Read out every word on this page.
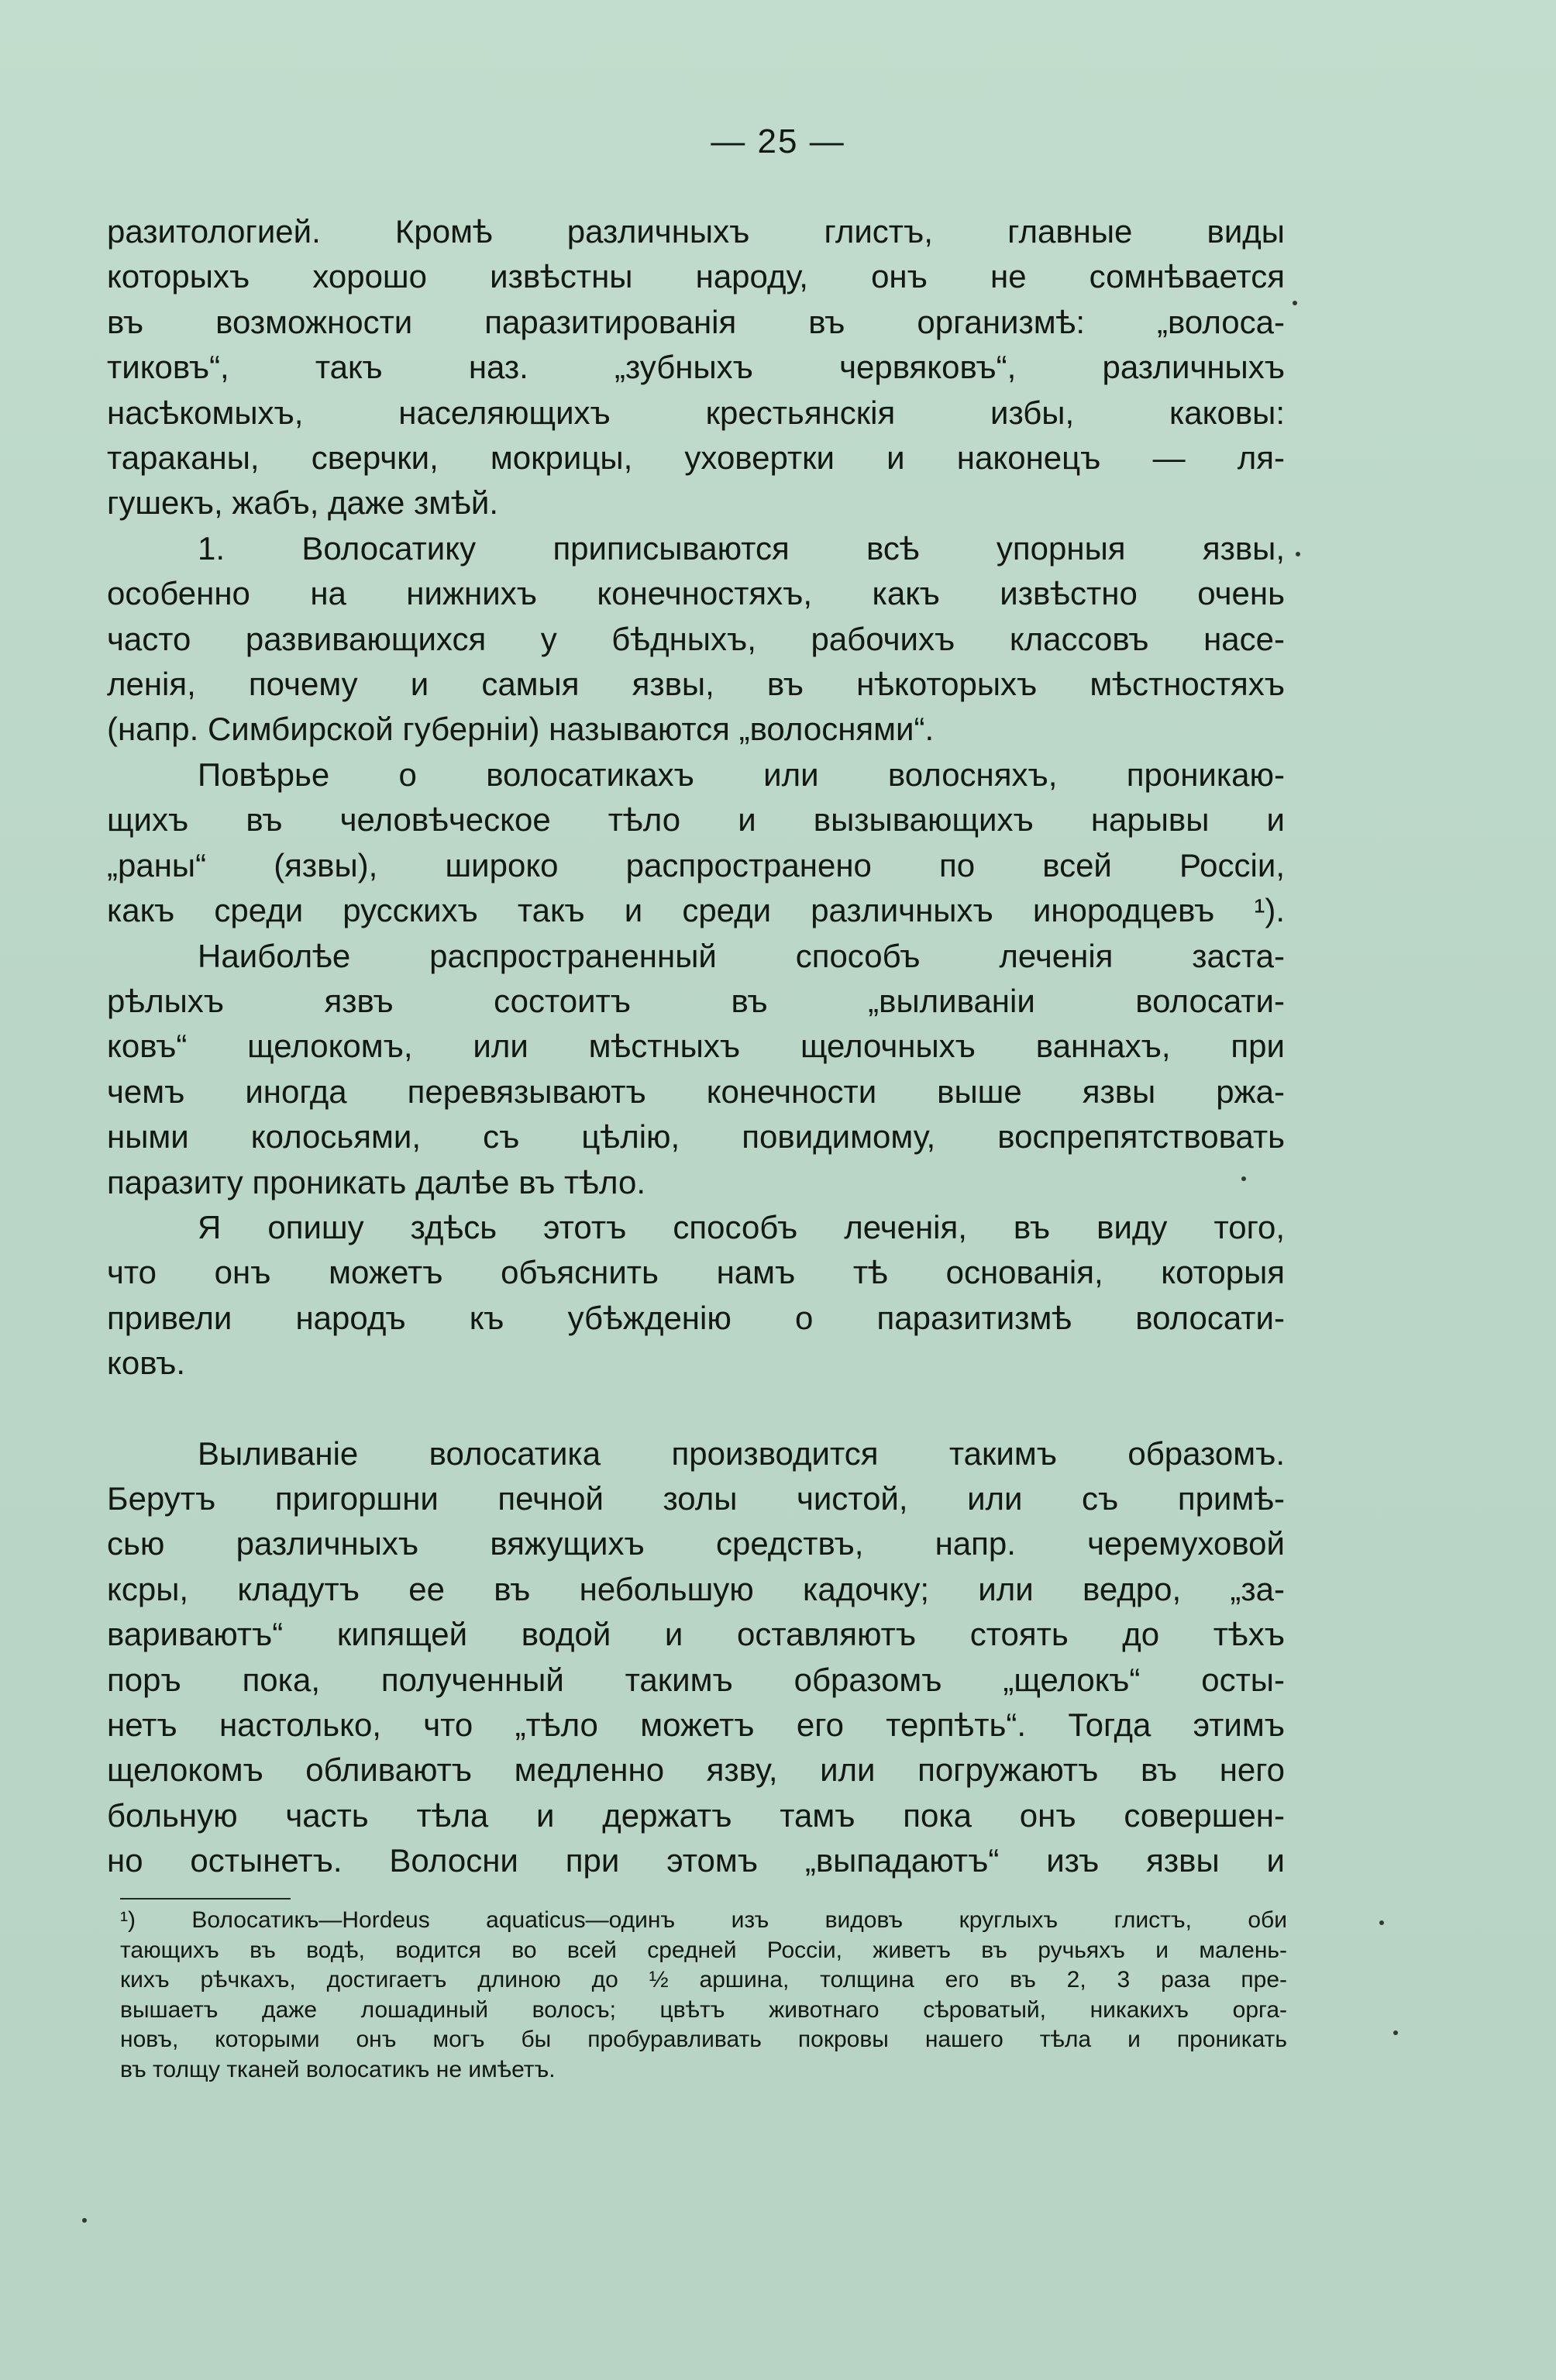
— 25 —
разитологией. Кромѣ различныхъ глистъ, главные виды
которыхъ хорошо извѣстны народу, онъ не сомнѣвается
въ возможности паразитированія въ организмѣ: „волоса-
тиковъ“, такъ наз. „зубныхъ червяковъ“, различныхъ
насѣкомыхъ, населяющихъ крестьянскія избы, каковы:
тараканы, сверчки, мокрицы, уховертки и наконецъ — ля-
гушекъ, жабъ, даже змѣй.
1. Волосатику приписываются всѣ упорныя язвы,
особенно на нижнихъ конечностяхъ, какъ извѣстно очень
часто развивающихся у бѣдныхъ, рабочихъ классовъ насе-
ленія, почему и самыя язвы, въ нѣкоторыхъ мѣстностяхъ
(напр. Симбирской губерніи) называются „волоснями“.
Повѣрье о волосатикахъ или волосняхъ, проникаю-
щихъ въ человѣческое тѣло и вызывающихъ нарывы и
„раны“ (язвы), широко распространено по всей Россіи,
какъ среди русскихъ такъ и среди различныхъ инородцевъ ¹).
Наиболѣе распространенный способъ леченія заста-
рѣлыхъ язвъ состоитъ въ „выливаніи волосати-
ковъ“ щелокомъ, или мѣстныхъ щелочныхъ ваннахъ, при
чемъ иногда перевязываютъ конечности выше язвы ржа-
ными колосьями, съ цѣлію, повидимому, воспрепятствовать
паразиту проникать далѣе въ тѣло.
Я опишу здѣсь этотъ способъ леченія, въ виду того,
что онъ можетъ объяснить намъ тѣ основанія, которыя
привели народъ къ убѣжденію о паразитизмѣ волосати-
ковъ.
Выливаніе волосатика производится такимъ образомъ.
Берутъ пригоршни печной золы чистой, или съ примѣ-
сью различныхъ вяжущихъ средствъ, напр. черемуховой
ксры, кладутъ ее въ небольшую кадочку; или ведро, „за-
вариваютъ“ кипящей водой и оставляютъ стоять до тѣхъ
поръ пока, полученный такимъ образомъ „щелокъ“ осты-
нетъ настолько, что „тѣло можетъ его терпѣть“. Тогда этимъ
щелокомъ обливаютъ медленно язву, или погружаютъ въ него
больную часть тѣла и держатъ тамъ пока онъ совершен-
но остынетъ. Волосни при этомъ „выпадаютъ“ изъ язвы и
¹) Волосатикъ—Hordeus aquaticus—одинъ изъ видовъ круглыхъ глистъ, оби
тающихъ въ водѣ, водится во всей средней Россіи, живетъ въ ручьяхъ и малень-
кихъ рѣчкахъ, достигаетъ длиною до ½ аршина, толщина его въ 2, 3 раза пре-
вышаетъ даже лошадиный волосъ; цвѣтъ животнаго сѣроватый, никакихъ орга-
новъ, которыми онъ могъ бы пробуравливать покровы нашего тѣла и проникать
въ толщу тканей волосатикъ не имѣетъ.
